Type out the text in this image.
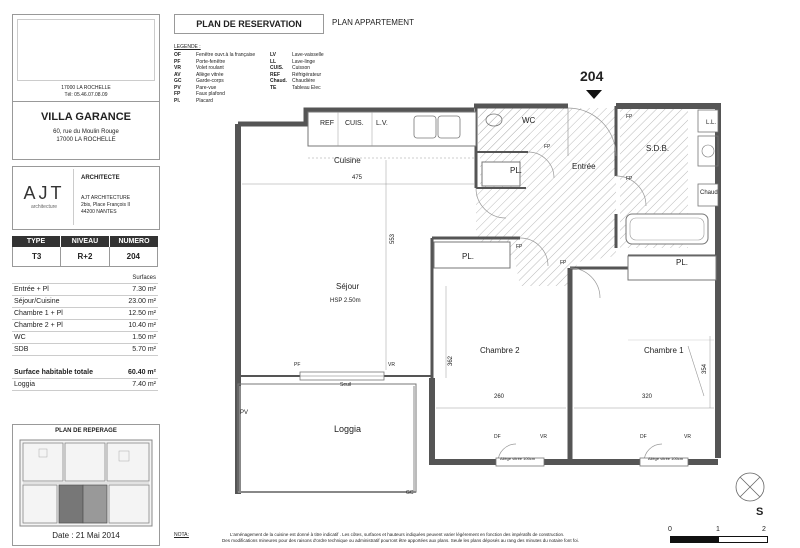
17000 LA ROCHELLE
Tél: 05.46.07.08.09
VILLA GARANCE
60, rue du Moulin Rouge
17000 LA ROCHELLE
AJT
architecture
ARCHITECTE
AJT ARCHITECTURE
2bis, Place François II
44200 NANTES
TYPE	NIVEAU	NUMERO
T3	R+2	204
	Surfaces
Entrée + Pl	7.30 m²
Séjour/Cuisine	23.00 m²
Chambre 1 + Pl	12.50 m²
Chambre 2 + Pl	10.40 m²
WC	1.50 m²
SDB	5.70 m²

Surface habitable totale	60.40 m²
Loggia	7.40 m²
PLAN DE REPERAGE
Date : 21 Mai 2014
PLAN DE RESERVATION	PLAN APPARTEMENT
LEGENDE :
OF	Fenêtre ouvr.à la française
PF	Porte-fenêtre
VR	Volet roulant
AV	Allège vitrée
GC	Garde-corps
PV	Pare-vue
FP	Faux plafond
Pl.	Placard
LV	Lave-vaisselle
LL	Lave-linge
CUIS.	Cuisson
REF	Réfrigérateur
Chaud.	Chaudière
TE	Tableau Elec
204
REF CUIS. L.V.
Cuisine
475
553
Séjour
HSP 2.50m
WC
FP
PL.	Entrée
FP
S.D.B.
FP
L.L.
Chaud
PL.
FP
FP	PL.
Chambre 2
362
Chambre 1
354
260	320
PF	VR
Seuil
PV
Loggia
GC
DF	VR
Allège vitrée 100cm
DF	VR
Allège vitrée 100cm
S
NOTA:	L'aménagement de la cuisine est donné à titre indicatif . Les côtes, surfaces et hauteurs indiquées peuvent varier légèrement en fonction des impératifs de construction.
Des modifications mineures pour des raisons d'ordre technique ou administratif pourront être apportées aux plans. Seule les plans déposés au rang des minutes du notaire font foi.
0	1	2
